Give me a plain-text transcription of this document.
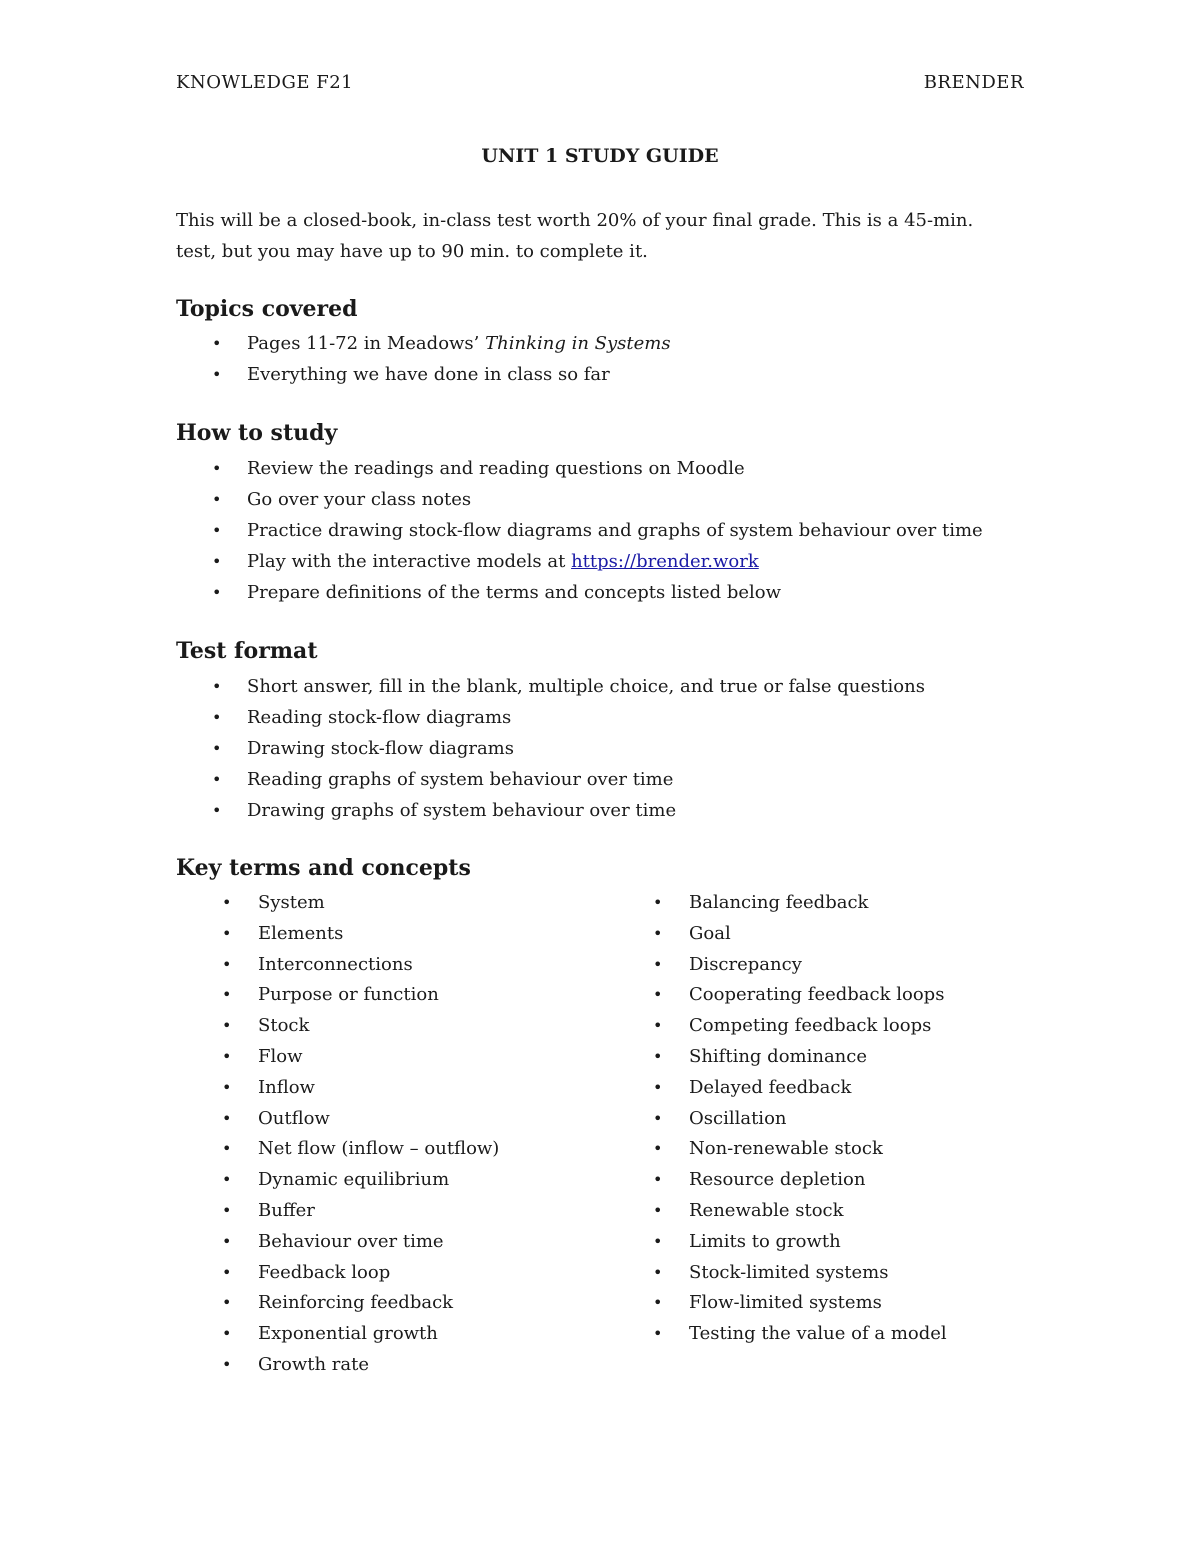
KNOWLEDGE F21	BRENDER
UNIT 1 STUDY GUIDE
This will be a closed-book, in-class test worth 20% of your final grade. This is a 45-min.
test, but you may have up to 90 min. to complete it.
Topics covered
• Pages 11-72 in Meadows’ Thinking in Systems
• Everything we have done in class so far
How to study
• Review the readings and reading questions on Moodle
• Go over your class notes
• Practice drawing stock-flow diagrams and graphs of system behaviour over time
• Play with the interactive models at https://brender.work
• Prepare definitions of the terms and concepts listed below
Test format
• Short answer, fill in the blank, multiple choice, and true or false questions
• Reading stock-flow diagrams
• Drawing stock-flow diagrams
• Reading graphs of system behaviour over time
• Drawing graphs of system behaviour over time
Key terms and concepts
• System
• Elements
• Interconnections
• Purpose or function
• Stock
• Flow
• Inflow
• Outflow
• Net flow (inflow – outflow)
• Dynamic equilibrium
• Buffer
• Behaviour over time
• Feedback loop
• Reinforcing feedback
• Exponential growth
• Growth rate
• Balancing feedback
• Goal
• Discrepancy
• Cooperating feedback loops
• Competing feedback loops
• Shifting dominance
• Delayed feedback
• Oscillation
• Non-renewable stock
• Resource depletion
• Renewable stock
• Limits to growth
• Stock-limited systems
• Flow-limited systems
• Testing the value of a model
